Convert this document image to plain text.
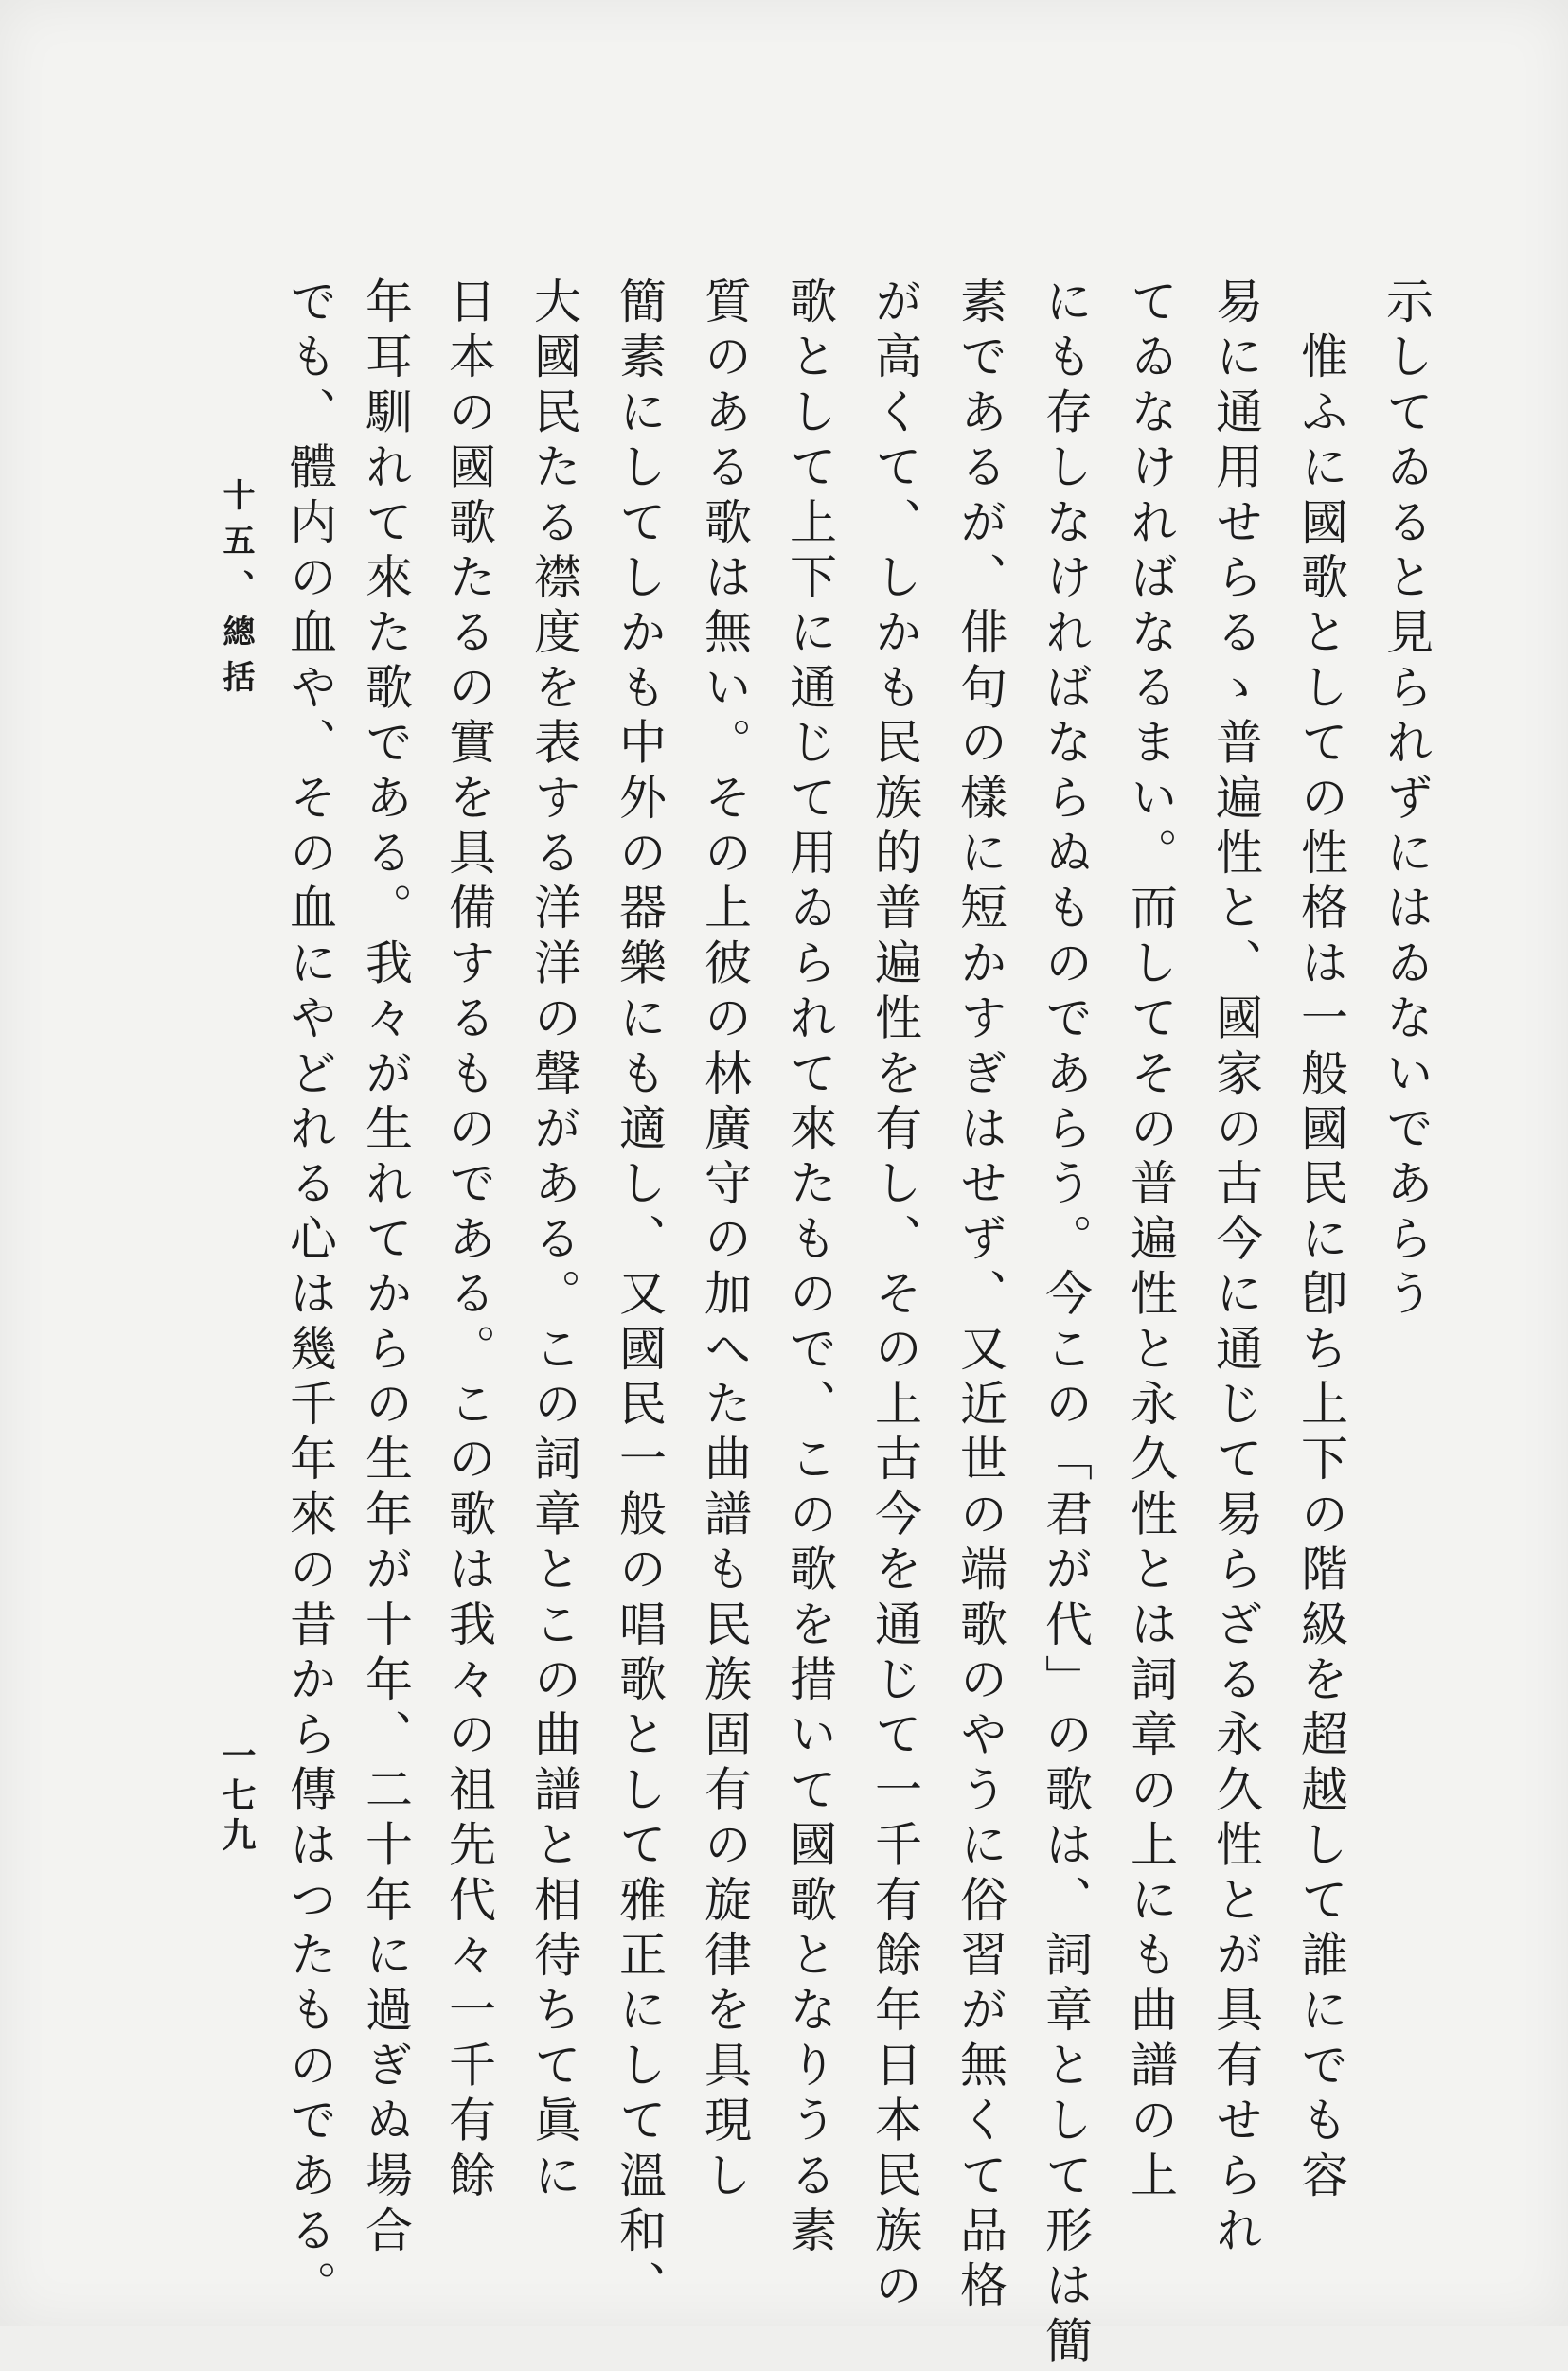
示してゐると見られずにはゐないであらう
　惟ふに國歌としての性格は一般國民に卽ち上下の階級を超越して誰にでも容
易に通用せらるゝ普遍性と、國家の古今に通じて易らざる永久性とが具有せられ
てゐなければなるまい。而してその普遍性と永久性とは詞章の上にも曲譜の上
にも存しなければならぬものであらう。今この「君が代」の歌は、詞章として形は簡
素であるが、俳句の樣に短かすぎはせず、又近世の端歌のやうに俗習が無くて品格
が高くて、しかも民族的普遍性を有し、その上古今を通じて一千有餘年日本民族の
歌として上下に通じて用ゐられて來たもので、この歌を措いて國歌となりうる素
質のある歌は無い。その上彼の林廣守の加へた曲譜も民族固有の旋律を具現し
簡素にしてしかも中外の器樂にも適し、又國民一般の唱歌として雅正にして溫和、
大國民たる襟度を表する洋洋の聲がある。この詞章とこの曲譜と相待ちて眞に
日本の國歌たるの實を具備するものである。この歌は我々の祖先代々一千有餘
年耳馴れて來た歌である。我々が生れてからの生年が十年、二十年に過ぎぬ場合
でも、體内の血や、その血にやどれる心は幾千年來の昔から傳はつたものである。
十五、總括
一七九
